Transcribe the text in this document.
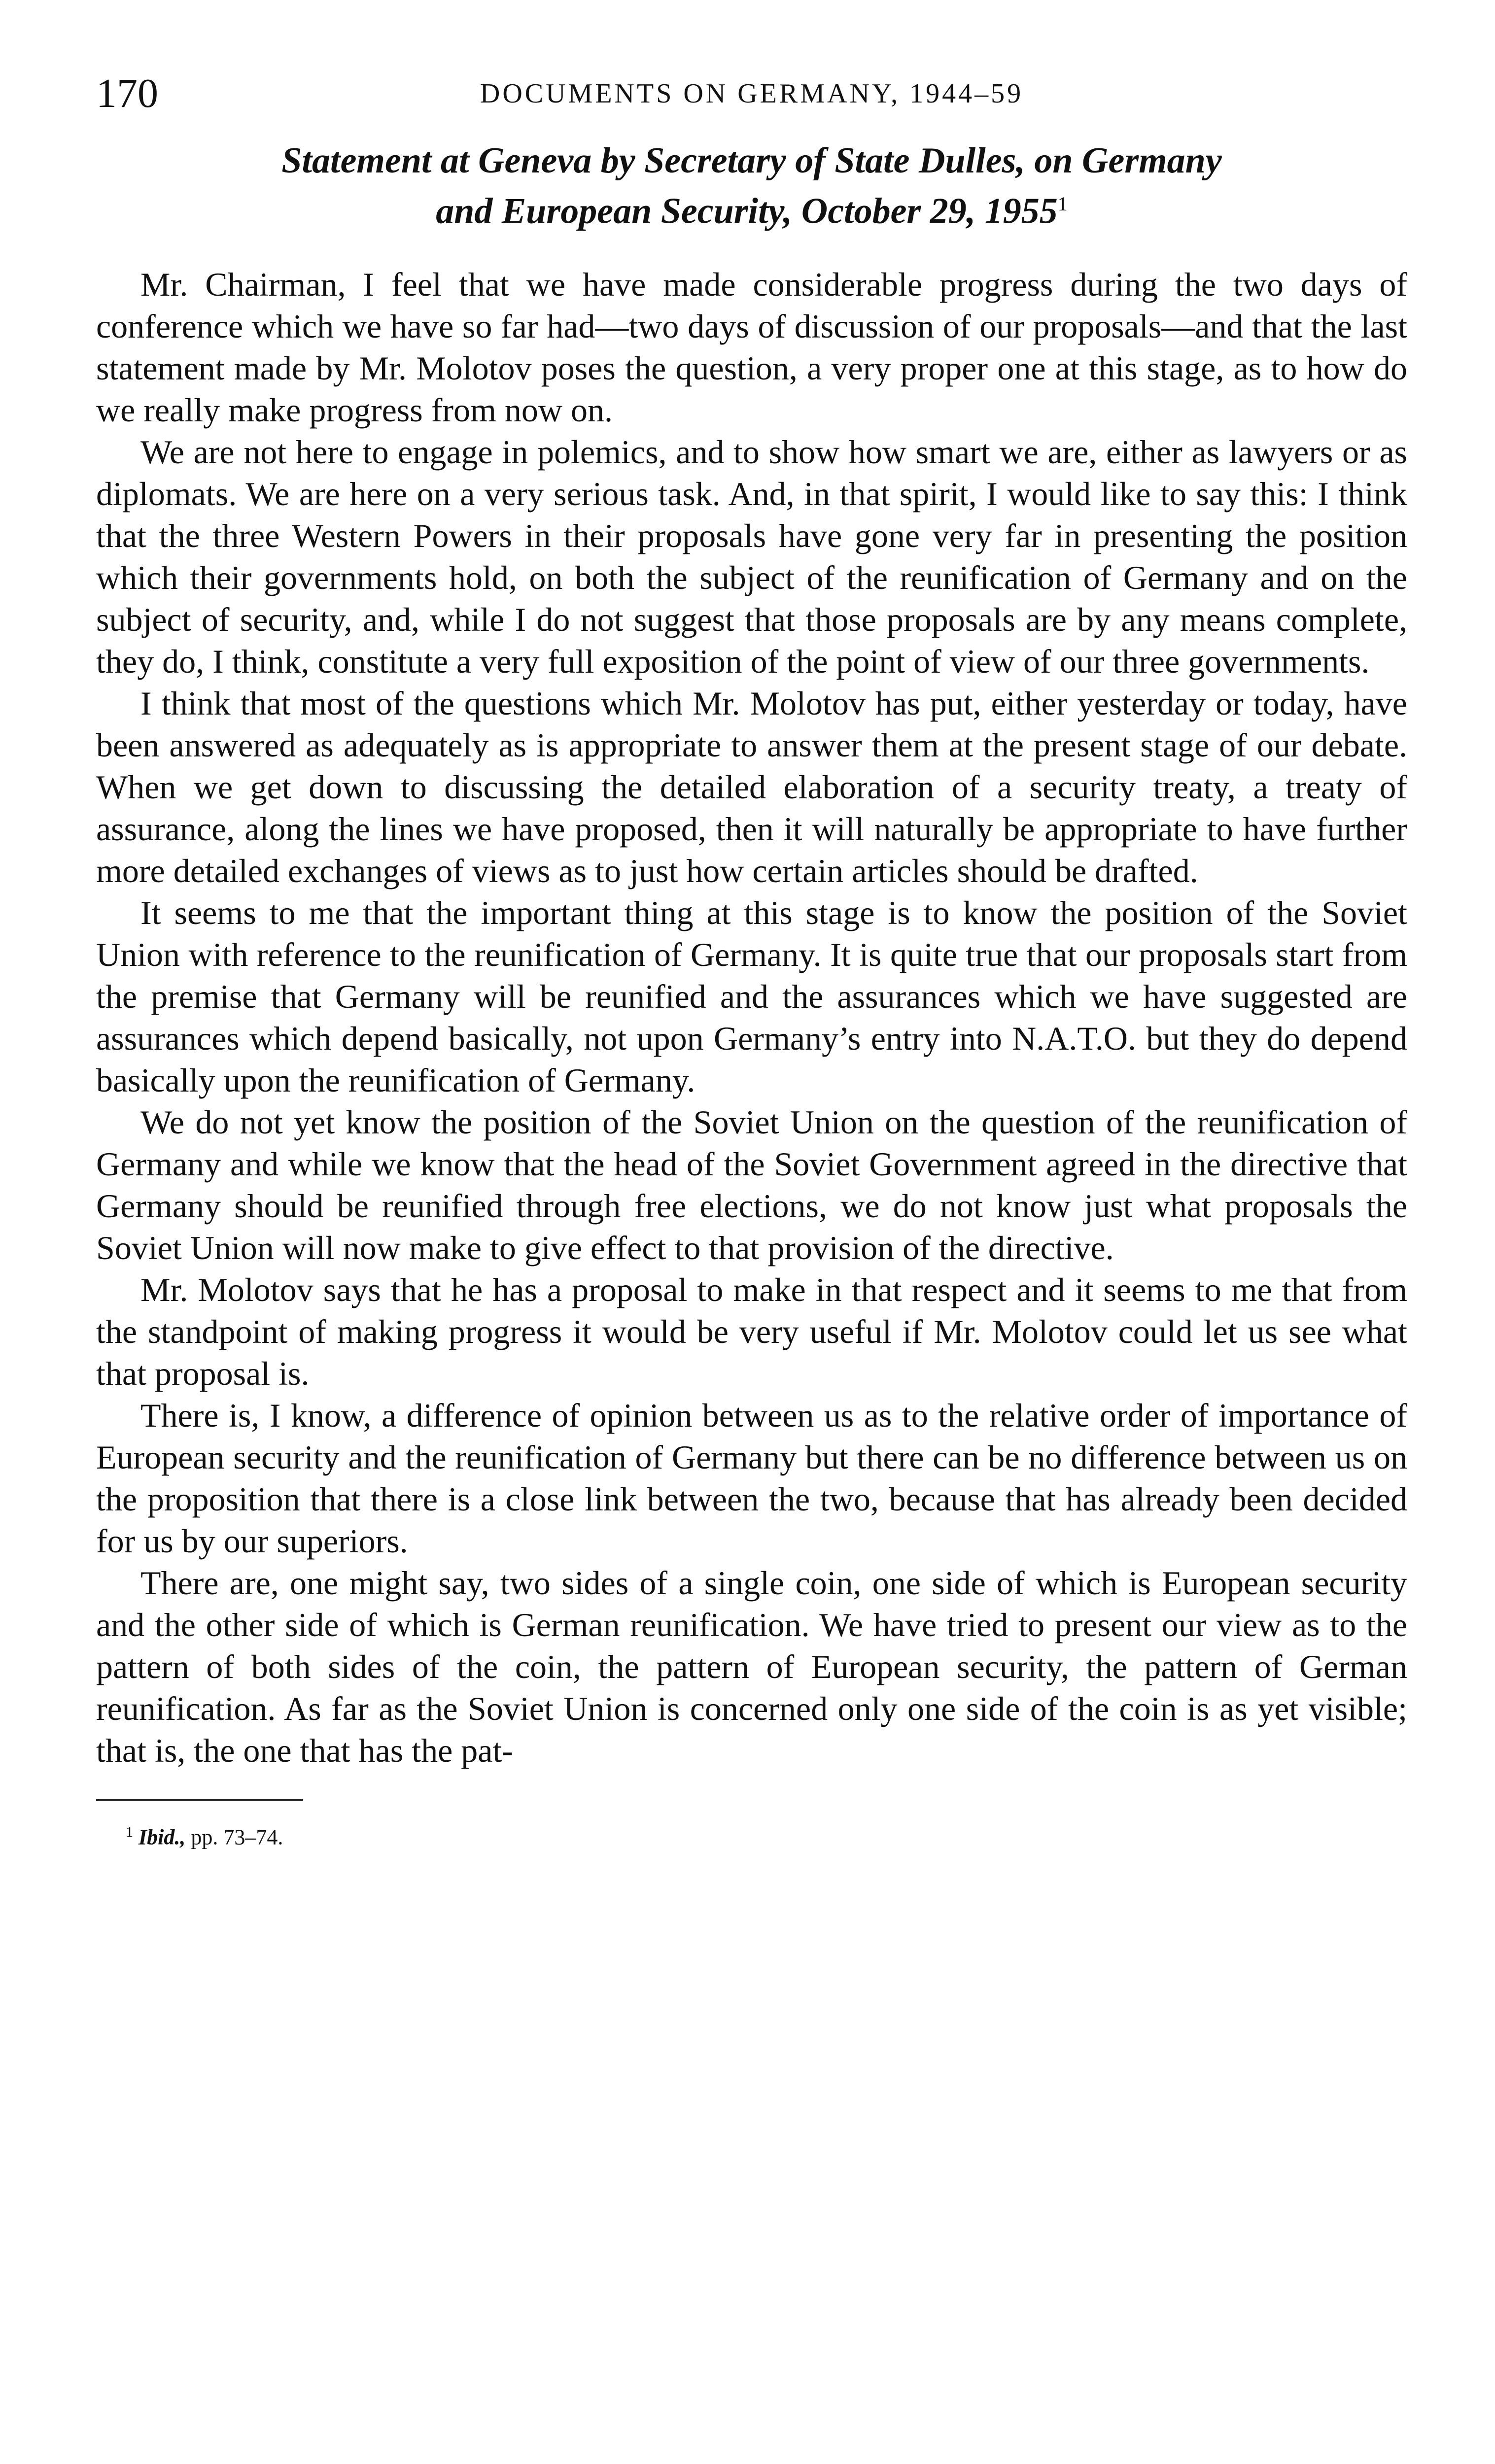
170	DOCUMENTS ON GERMANY, 1944–59
Statement at Geneva by Secretary of State Dulles, on Germany
and European Security, October 29, 1955$^1$

Mr. Chairman, I feel that we have made considerable progress during the two days of conference which we have so far had—two days of discussion of our proposals—and that the last statement made by Mr. Molotov poses the question, a very proper one at this stage, as to how do we really make progress from now on.

We are not here to engage in polemics, and to show how smart we are, either as lawyers or as diplomats. We are here on a very serious task. And, in that spirit, I would like to say this: I think that the three Western Powers in their proposals have gone very far in presenting the position which their governments hold, on both the subject of the reunification of Germany and on the subject of security, and, while I do not suggest that those proposals are by any means complete, they do, I think, constitute a very full exposition of the point of view of our three governments.

I think that most of the questions which Mr. Molotov has put, either yesterday or today, have been answered as adequately as is appropriate to answer them at the present stage of our debate. When we get down to discussing the detailed elaboration of a security treaty, a treaty of assurance, along the lines we have proposed, then it will naturally be appropriate to have further more detailed exchanges of views as to just how certain articles should be drafted.

It seems to me that the important thing at this stage is to know the position of the Soviet Union with reference to the reunification of Germany. It is quite true that our proposals start from the premise that Germany will be reunified and the assurances which we have suggested are assurances which depend basically, not upon Germany’s entry into N.A.T.O. but they do depend basically upon the reunification of Germany.

We do not yet know the position of the Soviet Union on the question of the reunification of Germany and while we know that the head of the Soviet Government agreed in the directive that Germany should be reunified through free elections, we do not know just what proposals the Soviet Union will now make to give effect to that provision of the directive.

Mr. Molotov says that he has a proposal to make in that respect and it seems to me that from the standpoint of making progress it would be very useful if Mr. Molotov could let us see what that proposal is.

There is, I know, a difference of opinion between us as to the relative order of importance of European security and the reunification of Germany but there can be no difference between us on the proposition that there is a close link between the two, because that has already been decided for us by our superiors.

There are, one might say, two sides of a single coin, one side of which is European security and the other side of which is German reunification. We have tried to present our view as to the pattern of both sides of the coin, the pattern of European security, the pattern of German reunification. As far as the Soviet Union is concerned only one side of the coin is as yet visible; that is, the one that has the pat-

$^1$ Ibid., pp. 73–74.
